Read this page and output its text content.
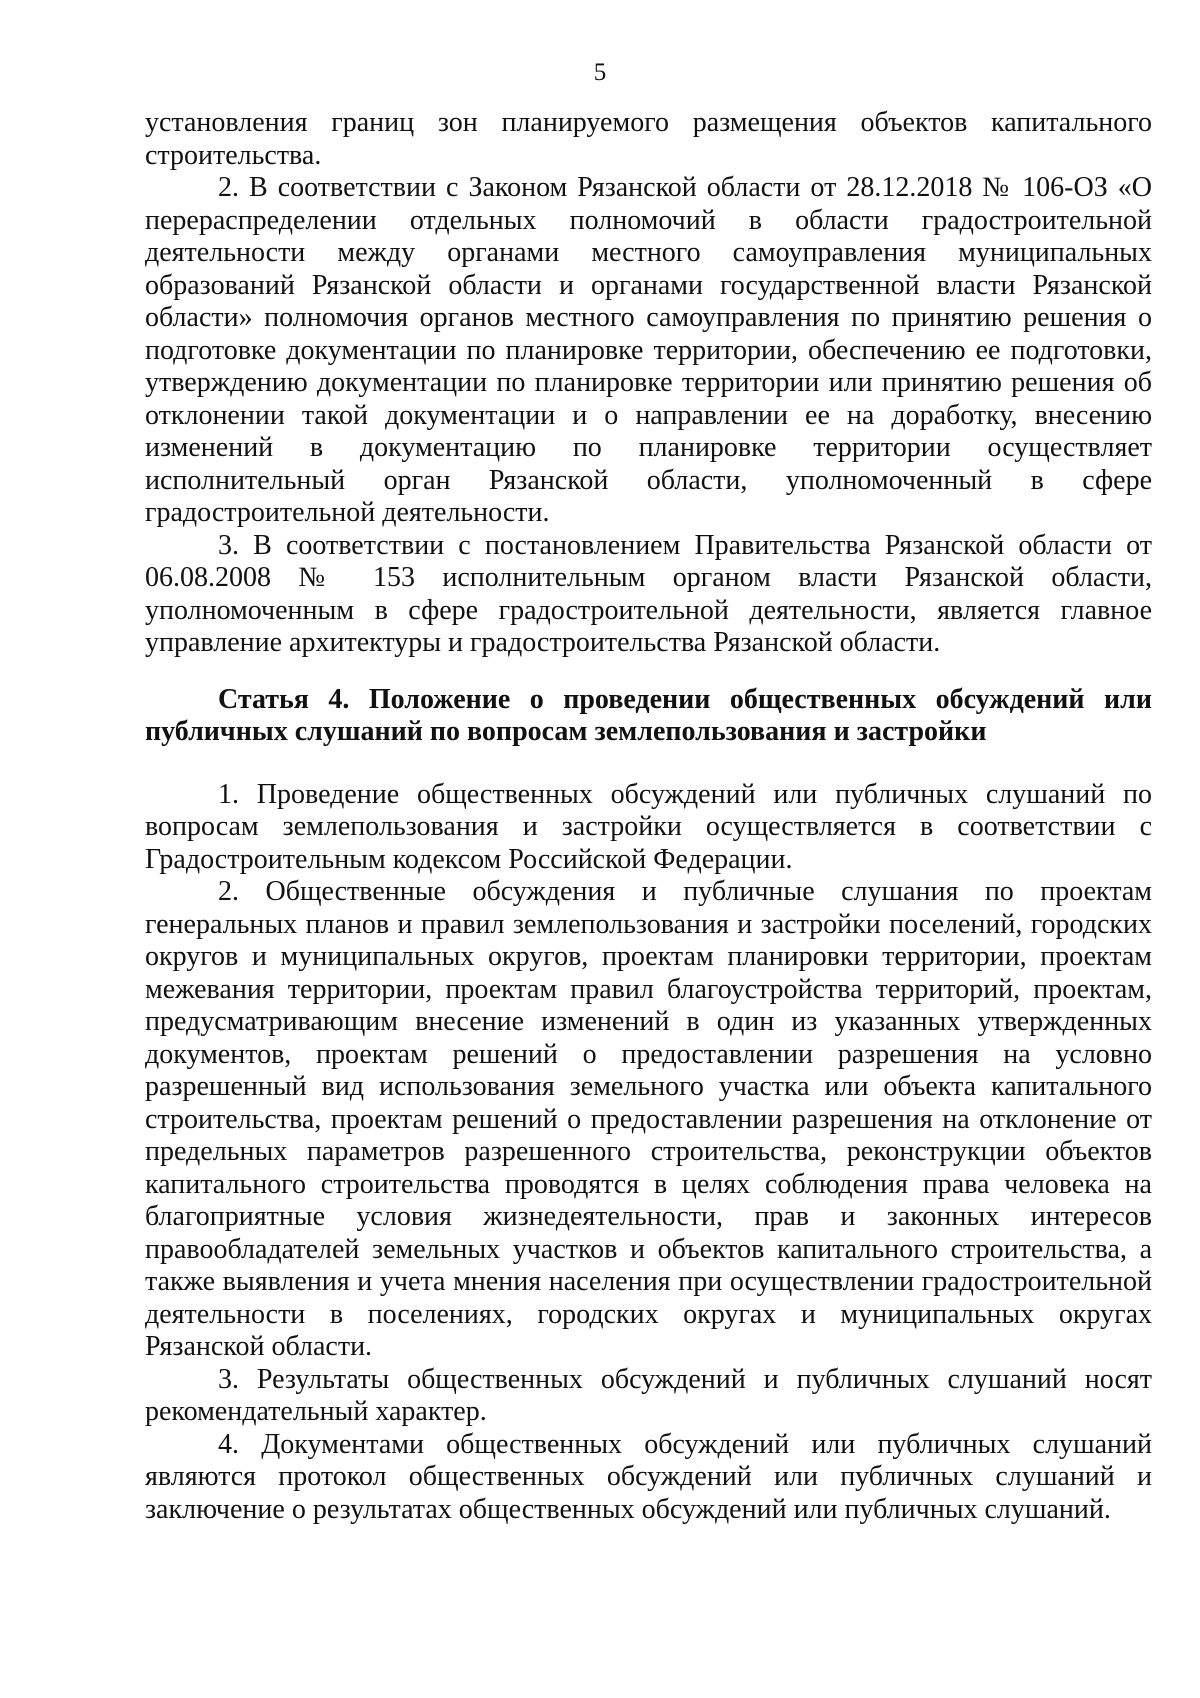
5

установления границ зон планируемого размещения объектов капитального строительства.

2. В соответствии с Законом Рязанской области от 28.12.2018 № 106-ОЗ «О перераспределении отдельных полномочий в области градостроительной деятельности между органами местного самоуправления муниципальных образований Рязанской области и органами государственной власти Рязанской области» полномочия органов местного самоуправления по принятию решения о подготовке документации по планировке территории, обеспечению ее подготовки, утверждению документации по планировке территории или принятию решения об отклонении такой документации и о направлении ее на доработку, внесению изменений в документацию по планировке территории осуществляет исполнительный орган Рязанской области, уполномоченный в сфере градостроительной деятельности.

3. В соответствии с постановлением Правительства Рязанской области от 06.08.2008 № 153 исполнительным органом власти Рязанской области, уполномоченным в сфере градостроительной деятельности, является главное управление архитектуры и градостроительства Рязанской области.

Статья 4. Положение о проведении общественных обсуждений или публичных слушаний по вопросам землепользования и застройки

1. Проведение общественных обсуждений или публичных слушаний по вопросам землепользования и застройки осуществляется в соответствии с Градостроительным кодексом Российской Федерации.

2. Общественные обсуждения и публичные слушания по проектам генеральных планов и правил землепользования и застройки поселений, городских округов и муниципальных округов, проектам планировки территории, проектам межевания территории, проектам правил благоустройства территорий, проектам, предусматривающим внесение изменений в один из указанных утвержденных документов, проектам решений о предоставлении разрешения на условно разрешенный вид использования земельного участка или объекта капитального строительства, проектам решений о предоставлении разрешения на отклонение от предельных параметров разрешенного строительства, реконструкции объектов капитального строительства проводятся в целях соблюдения права человека на благоприятные условия жизнедеятельности, прав и законных интересов правообладателей земельных участков и объектов капитального строительства, а также выявления и учета мнения населения при осуществлении градостроительной деятельности в поселениях, городских округах и муниципальных округах Рязанской области.

3. Результаты общественных обсуждений и публичных слушаний носят рекомендательный характер.

4. Документами общественных обсуждений или публичных слушаний являются протокол общественных обсуждений или публичных слушаний и заключение о результатах общественных обсуждений или публичных слушаний.
